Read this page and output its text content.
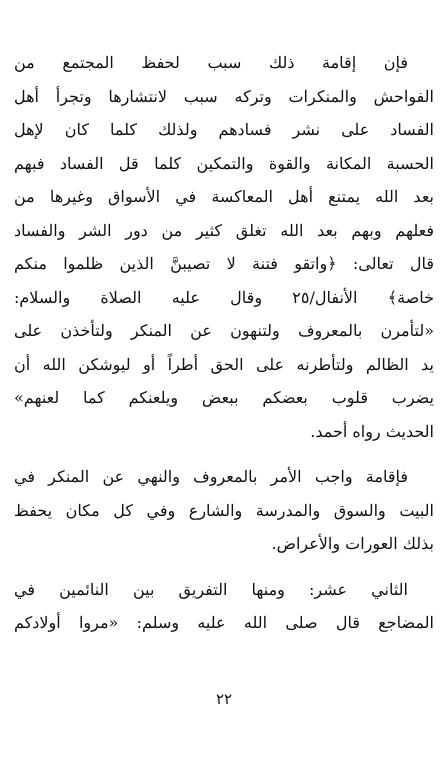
فإن إقامة ذلك سبب لحفظ المجتمع من
الفواحش والمنكرات وتركه سبب لانتشارها وتجرأ أهل
الفساد على نشر فسادهم ولذلك كلما كان لإهل
الحسبة المكانة والقوة والتمكين كلما قل الفساد فبهم
بعد الله يمتنع أهل المعاكسة في الأسواق وغيرها من
فعلهم وبهم بعد الله تغلق كثير من دور الشر والفساد
قال تعالى: ﴿واتقو فتنة لا تصيبنَّ الذين ظلموا منكم
خاصة﴾ الأنفال/٢٥ وقال عليه الصلاة والسلام:
«لتأمرن بالمعروف ولتنهون عن المنكر ولتأخذن على
يد الظالم ولتأطرنه على الحق أطراً أو ليوشكن الله أن
يضرب قلوب بعضكم ببعض ويلعنكم كما لعنهم»
الحديث رواه أحمد.
فإقامة واجب الأمر بالمعروف والنهي عن المنكر في
البيت والسوق والمدرسة والشارع وفي كل مكان يحفظ
بذلك العورات والأعراض.
الثاني عشر: ومنها التفريق بين النائمين في
المضاجع قال صلى الله عليه وسلم: «مروا أولادكم
٢٢
